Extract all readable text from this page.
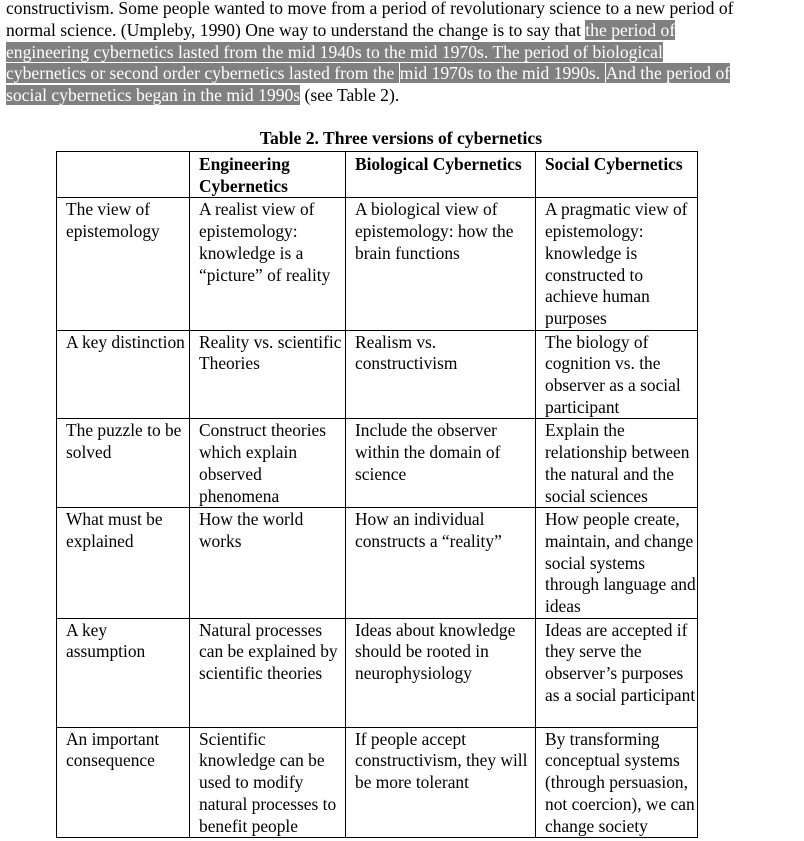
constructivism. Some people wanted to move from a period of revolutionary science to a new period of
normal science. (Umpleby, 1990) One way to understand the change is to say that the period of
engineering cybernetics lasted from the mid 1940s to the mid 1970s. The period of biological
cybernetics or second order cybernetics lasted from the mid 1970s to the mid 1990s. And the period of
social cybernetics began in the mid 1990s (see Table 2).
Table 2. Three versions of cybernetics
	Engineering Cybernetics	Biological Cybernetics	Social Cybernetics
The view of epistemology	A realist view of epistemology: knowledge is a “picture” of reality	A biological view of epistemology: how the brain functions	A pragmatic view of epistemology: knowledge is constructed to achieve human purposes
A key distinction	Reality vs. scientific Theories	Realism vs. constructivism	The biology of cognition vs. the observer as a social participant
The puzzle to be solved	Construct theories which explain observed phenomena	Include the observer within the domain of science	Explain the relationship between the natural and the social sciences
What must be explained	How the world works	How an individual constructs a “reality”	How people create, maintain, and change social systems through language and ideas
A key assumption	Natural processes can be explained by scientific theories	Ideas about knowledge should be rooted in neurophysiology	Ideas are accepted if they serve the observer’s purposes as a social participant
An important consequence	Scientific knowledge can be used to modify natural processes to benefit people	If people accept constructivism, they will be more tolerant	By transforming conceptual systems (through persuasion, not coercion), we can change society
